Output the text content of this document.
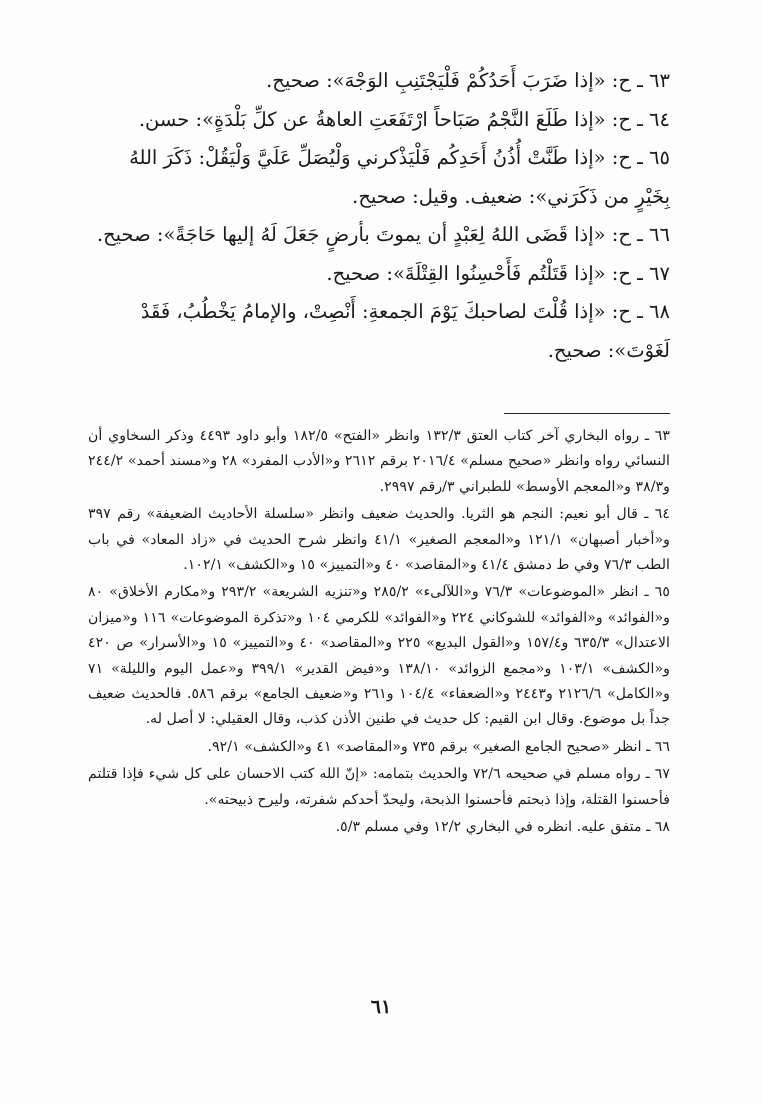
٦٣ ـ ح: «إذا ضَرَبَ أَحَدُكُمْ فَلْيَجْتَنِبِ الوَجْهَ»: صحيح.

٦٤ ـ ح: «إذا طَلَعَ النَّجْمُ صَبَاحاً ارْتَفَعَتِ العاهةُ عن كلِّ بَلْدَةٍ»: حسن.

٦٥ ـ ح: «إذا طَنَّتْ أُذُنُ أَحَدِكُم فَلْيَذْكرني وَلْيُصَلِّ عَلَيَّ وَلْيَقُلْ: ذَكَرَ اللهُ بِخَيْرٍ من ذَكَرَني»: ضعيف. وقيل: صحيح.

٦٦ ـ ح: «إذا قَضَى اللهُ لِعَبْدٍ أن يموتَ بأرضٍ جَعَلَ لَهُ إليها حَاجَةً»: صحيح.

٦٧ ـ ح: «إذا قَتَلْتُم فَأَحْسِنُوا القِتْلَةَ»: صحيح.

٦٨ ـ ح: «إذا قُلْتَ لصاحبكَ يَوْمَ الجمعةِ: أَنْصِتْ، والإمامُ يَخْطُبُ، فَقَدْ لَغَوْتَ»: صحيح.

٦٣ ـ رواه البخاري آخر كتاب العتق ١٣٢/٣ وانظر «الفتح» ١٨٢/٥ وأبو داود ٤٤٩٣ وذكر السخاوي أن النسائي رواه وانظر «صحيح مسلم» ٢٠١٦/٤ برقم ٢٦١٢ و«الأدب المفرد» ٢٨ و«مسند أحمد» ٢٤٤/٢ و٣٨/٣ و«المعجم الأوسط» للطبراني ٣/رقم ٢٩٩٧.

٦٤ ـ قال أبو نعيم: النجم هو الثريا. والحديث ضعيف وانظر «سلسلة الأحاديث الضعيفة» رقم ٣٩٧ و«أخبار أصبهان» ١٢١/١ و«المعجم الصغير» ٤١/١ وانظر شرح الحديث في «زاد المعاد» في باب الطب ٧٦/٣ وفي ط دمشق ٤١/٤ و«المقاصد» ٤٠ و«التمييز» ١٥ و«الكشف» ١٠٢/١.

٦٥ ـ انظر «الموضوعات» ٧٦/٣ و«اللآلىء» ٢٨٥/٢ و«تنزيه الشريعة» ٢٩٣/٢ و«مكارم الأخلاق» ٨٠ و«الفوائد» و«الفوائد» للشوكاني ٢٢٤ و«الفوائد» للكرمي ١٠٤ و«تذكرة الموضوعات» ١١٦ و«ميزان الاعتدال» ٦٣٥/٣ و١٥٧/٤ و«القول البديع» ٢٢٥ و«المقاصد» ٤٠ و«التمييز» ١٥ و«الأسرار» ص ٤٢٠ و«الكشف» ١٠٣/١ و«مجمع الزوائد» ١٣٨/١٠ و«فيض القدير» ٣٩٩/١ و«عمل اليوم والليلة» ٧١ و«الكامل» ٢١٢٦/٦ و٢٤٤٣ و«الضعفاء» ١٠٤/٤ و٢٦١ و«ضعيف الجامع» برقم ٥٨٦. فالحديث ضعيف جداً بل موضوع. وقال ابن القيم: كل حديث في طنين الأذن كذب، وقال العقيلي: لا أصل له.

٦٦ ـ انظر «صحيح الجامع الصغير» برقم ٧٣٥ و«المقاصد» ٤١ و«الكشف» ٩٢/١.

٦٧ ـ رواه مسلم في صحيحه ٧٢/٦ والحديث بتمامه: «إنّ الله كتب الاحسان على كل شيء فإذا قتلتم فأحسنوا القتلة، وإذا ذبحتم فأحسنوا الذبحة، وليحدّ أحدكم شفرته، وليرح ذبيحته».

٦٨ ـ متفق عليه. انظره في البخاري ١٢/٢ وفي مسلم ٥/٣.

٦١
